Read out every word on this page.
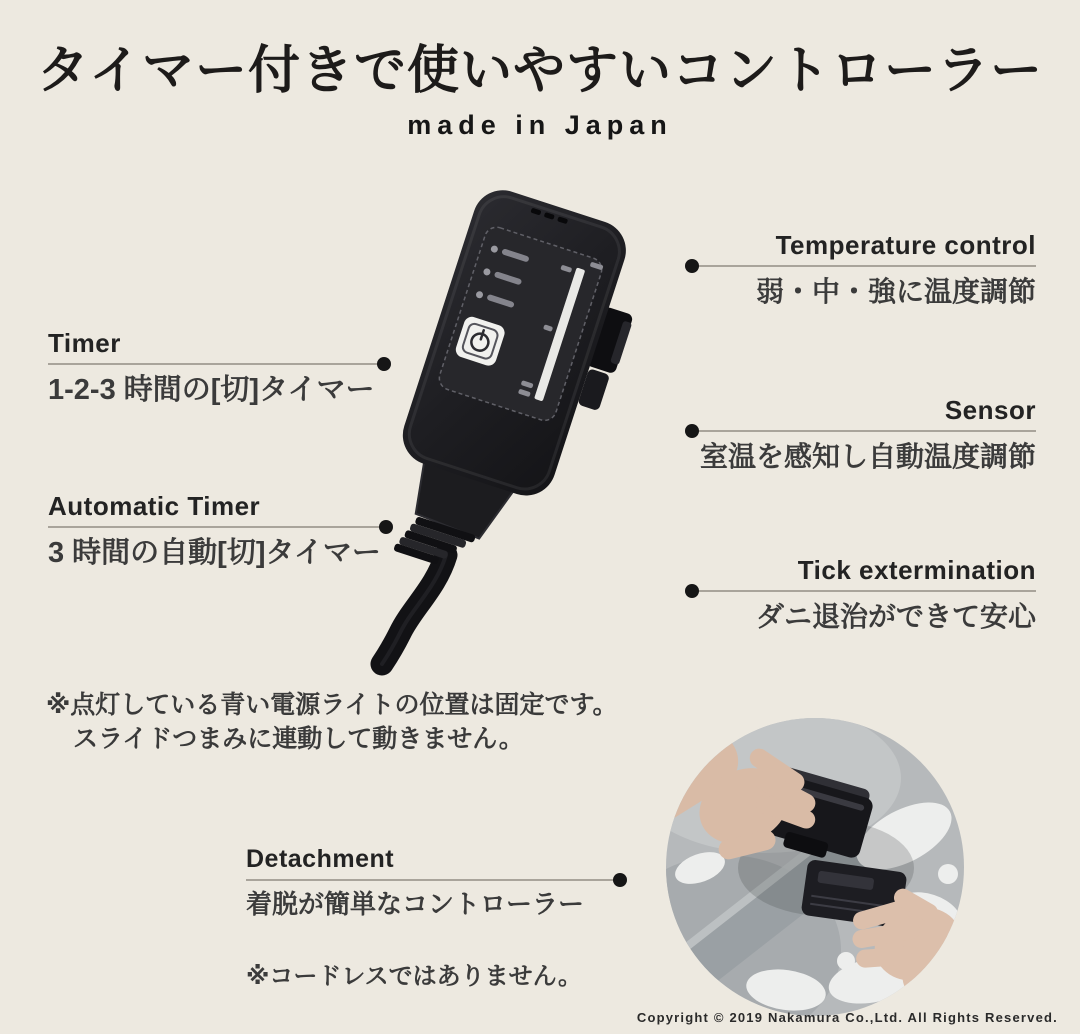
タイマー付きで使いやすいコントローラー
made in Japan
Timer
1-2-3 時間の[切]タイマー
Automatic Timer
3 時間の自動[切]タイマー
Temperature control
弱・中・強に温度調節
Sensor
室温を感知し自動温度調節
Tick extermination
ダニ退治ができて安心
※点灯している青い電源ライトの位置は固定です。
スライドつまみに連動して動きません。
Detachment
着脱が簡単なコントローラー
※コードレスではありません。
Copyright © 2019 Nakamura Co.,Ltd. All Rights Reserved.
